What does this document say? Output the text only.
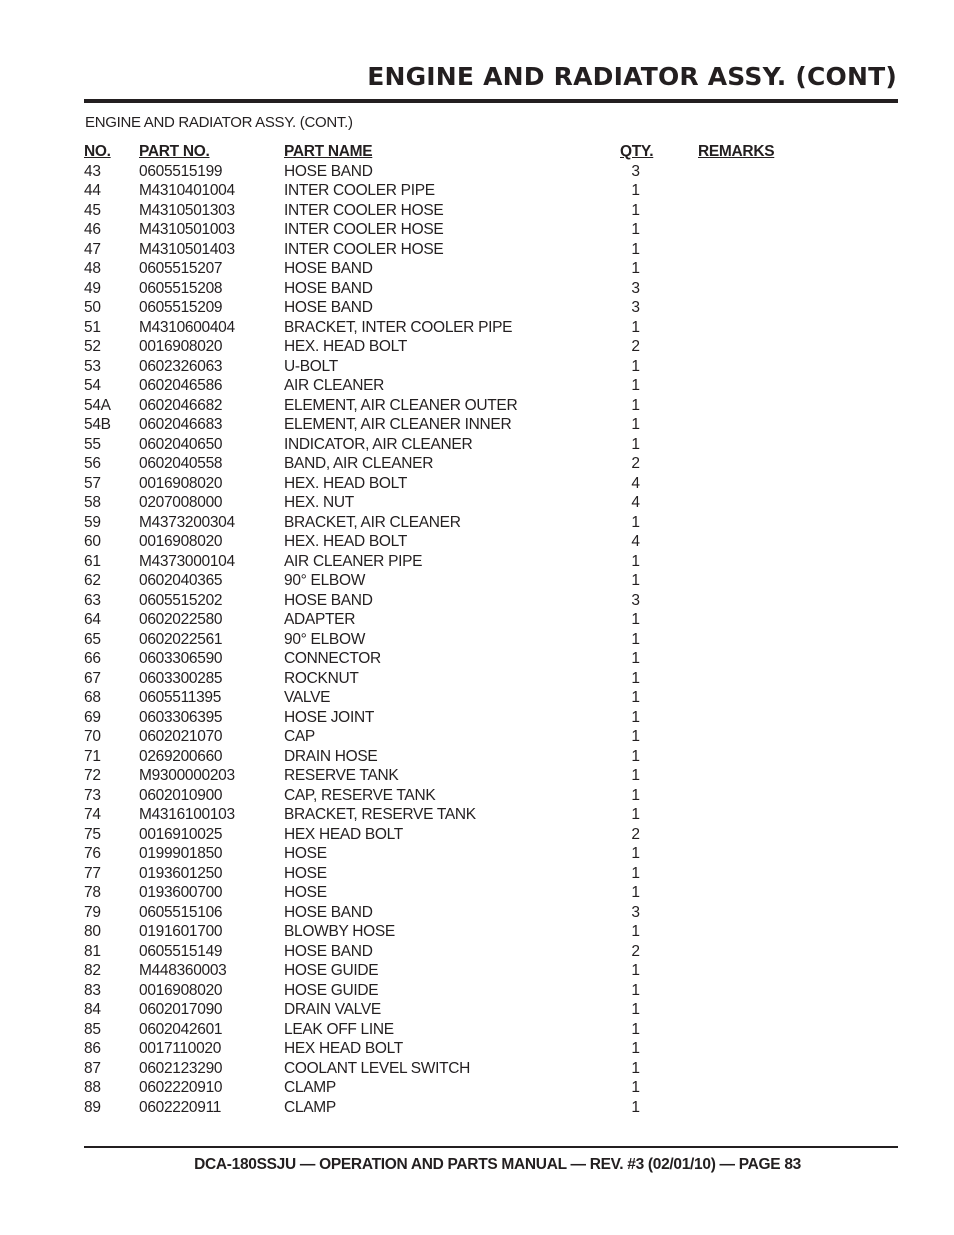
ENGINE AND RADIATOR ASSY. (CONT)
ENGINE AND RADIATOR ASSY. (CONT.)
NO. PART NO.	PART NAME	QTY.	REMARKS
43 0605515199	HOSE BAND	3
44 M4310401004	INTER COOLER PIPE	1
45 M4310501303	INTER COOLER HOSE	1
46 M4310501003	INTER COOLER HOSE	1
47 M4310501403	INTER COOLER HOSE	1
48 0605515207	HOSE BAND	1
49 0605515208	HOSE BAND	3
50 0605515209	HOSE BAND	3
51 M4310600404	BRACKET, INTER COOLER PIPE	1
52 0016908020	HEX. HEAD BOLT	2
53 0602326063	U-BOLT	1
54 0602046586	AIR CLEANER	1
54A 0602046682	ELEMENT, AIR CLEANER OUTER	1
54B 0602046683	ELEMENT, AIR CLEANER INNER	1
55 0602040650	INDICATOR, AIR CLEANER	1
56 0602040558	BAND, AIR CLEANER	2
57 0016908020	HEX. HEAD BOLT	4
58 0207008000	HEX. NUT	4
59 M4373200304	BRACKET, AIR CLEANER	1
60 0016908020	HEX. HEAD BOLT	4
61 M4373000104	AIR CLEANER PIPE	1
62 0602040365	90° ELBOW	1
63 0605515202	HOSE BAND	3
64 0602022580	ADAPTER	1
65 0602022561	90° ELBOW	1
66 0603306590	CONNECTOR	1
67 0603300285	ROCKNUT	1
68 0605511395	VALVE	1
69 0603306395	HOSE JOINT	1
70 0602021070	CAP	1
71 0269200660	DRAIN HOSE	1
72 M9300000203	RESERVE TANK	1
73 0602010900	CAP, RESERVE TANK	1
74 M4316100103	BRACKET, RESERVE TANK	1
75 0016910025	HEX HEAD BOLT	2
76 0199901850	HOSE	1
77 0193601250	HOSE	1
78 0193600700	HOSE	1
79 0605515106	HOSE BAND	3
80 0191601700	BLOWBY HOSE	1
81 0605515149	HOSE BAND	2
82 M448360003	HOSE GUIDE	1
83 0016908020	HOSE GUIDE	1
84 0602017090	DRAIN VALVE	1
85 0602042601	LEAK OFF LINE	1
86 0017110020	HEX HEAD BOLT	1
87 0602123290	COOLANT LEVEL SWITCH	1
88 0602220910	CLAMP	1
89 0602220911	CLAMP	1
DCA-180SSJU — OPERATION AND PARTS MANUAL — REV. #3 (02/01/10) — PAGE 83
